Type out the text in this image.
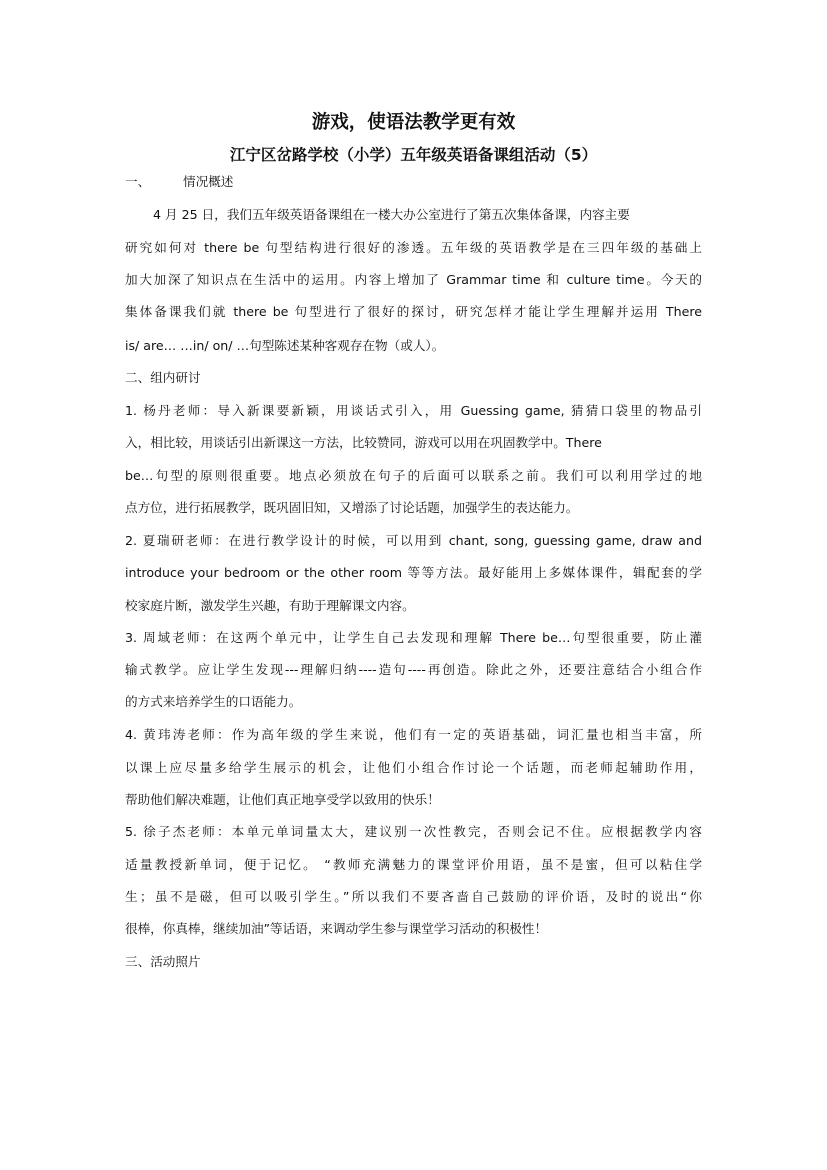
游戏，使语法教学更有效
江宁区岔路学校（小学）五年级英语备课组活动（5）
一、	情况概述
4 月 25 日，我们五年级英语备课组在一楼大办公室进行了第五次集体备课，内容主要
研究如何对 there be 句型结构进行很好的渗透。五年级的英语教学是在三四年级的基础上
加大加深了知识点在生活中的运用。内容上增加了 Grammar time 和 culture time。今天的
集体备课我们就 there be 句型进行了很好的探讨，研究怎样才能让学生理解并运用 There
is/ are… …in/ on/ …句型陈述某种客观存在物（或人）。
二、组内研讨
1. 杨丹老师：导入新课要新颖，用谈话式引入，用 Guessing game, 猜猜口袋里的物品引
入，相比较，用谈话引出新课这一方法，比较赞同，游戏可以用在巩固教学中。There
be…句型的原则很重要。地点必须放在句子的后面可以联系之前。我们可以利用学过的地
点方位，进行拓展教学，既巩固旧知，又增添了讨论话题，加强学生的表达能力。
2. 夏瑞研老师：在进行教学设计的时候，可以用到 chant, song, guessing game, draw and
introduce your bedroom or the other room 等等方法。最好能用上多媒体课件，辑配套的学
校家庭片断，激发学生兴趣，有助于理解课文内容。
3. 周域老师：在这两个单元中，让学生自己去发现和理解 There be…句型很重要，防止灌
输式教学。应让学生发现---理解归纳----造句----再创造。除此之外，还要注意结合小组合作
的方式来培养学生的口语能力。
4. 黄玮涛老师：作为高年级的学生来说，他们有一定的英语基础，词汇量也相当丰富，所
以课上应尽量多给学生展示的机会，让他们小组合作讨论一个话题，而老师起辅助作用，
帮助他们解决难题，让他们真正地享受学以致用的快乐！
5. 徐子杰老师：本单元单词量太大，建议别一次性教完，否则会记不住。应根据教学内容
适量教授新单词，便于记忆。 “教师充满魅力的课堂评价用语，虽不是蜜，但可以粘住学
生；虽不是磁，但可以吸引学生。”所以我们不要吝啬自己鼓励的评价语，及时的说出“你
很棒，你真棒，继续加油”等话语，来调动学生参与课堂学习活动的积极性！
三、活动照片
